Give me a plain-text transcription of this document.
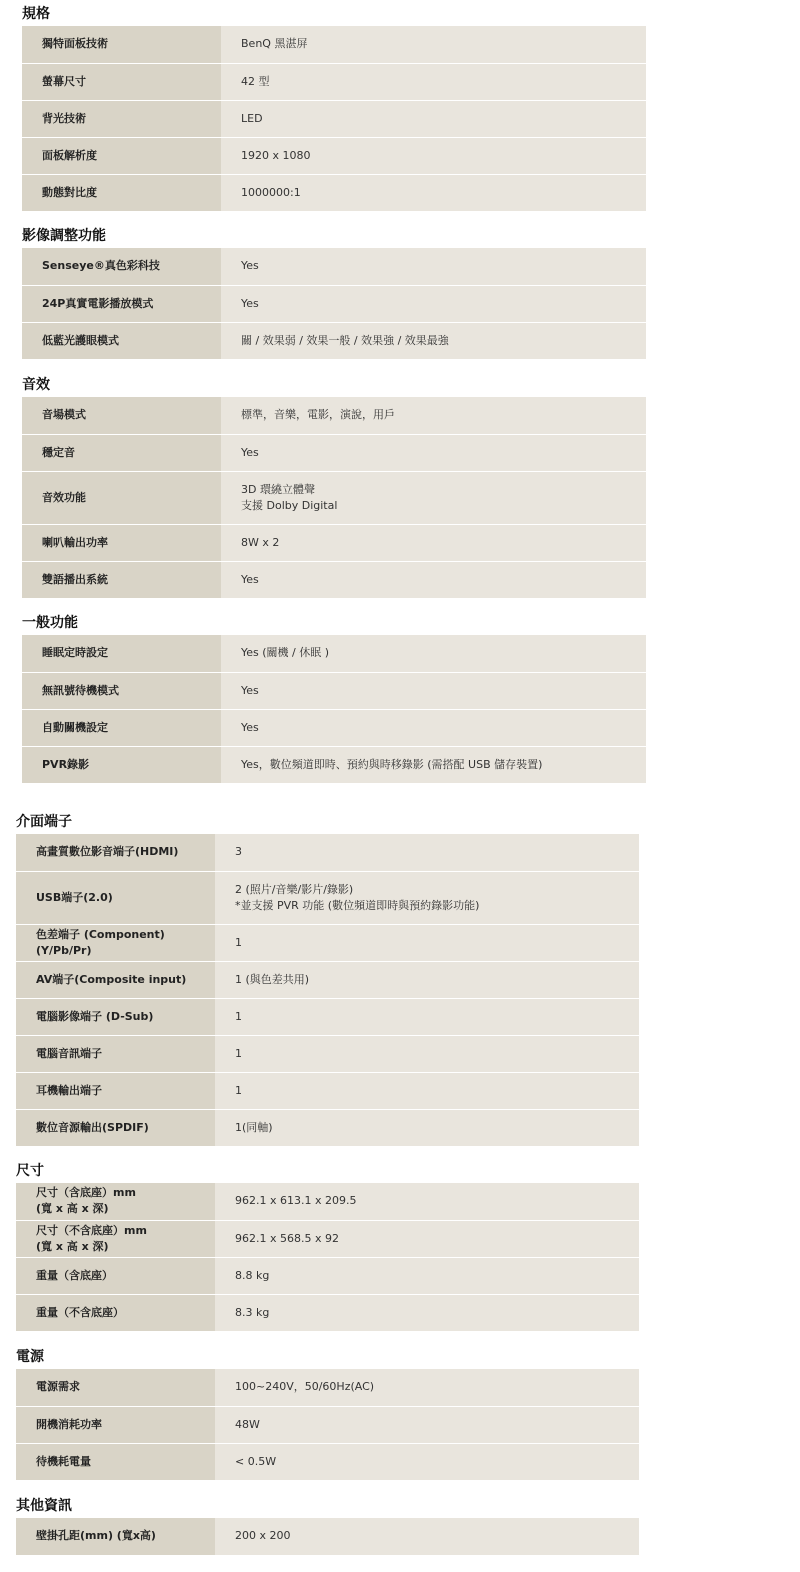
規格
獨特面板技術	BenQ 黑湛屏
螢幕尺寸	42 型
背光技術	LED
面板解析度	1920 x 1080
動態對比度	1000000:1
影像調整功能
Senseye®真色彩科技	Yes
24P真實電影播放模式	Yes
低藍光護眼模式	關 / 效果弱 / 效果一般 / 效果強 / 效果最強
音效
音場模式	標準，音樂，電影，演說，用戶
穩定音	Yes
音效功能	3D 環繞立體聲
支援 Dolby Digital
喇叭輸出功率	8W x 2
雙語播出系統	Yes
一般功能
睡眠定時設定	Yes (關機 / 休眠 )
無訊號待機模式	Yes
自動關機設定	Yes
PVR錄影	Yes，數位頻道即時、預約與時移錄影 (需搭配 USB 儲存裝置)
介面端子
高畫質數位影音端子(HDMI)	3
USB端子(2.0)	2 (照片/音樂/影片/錄影)
*並支援 PVR 功能 (數位頻道即時與預約錄影功能)
色差端子 (Component)
(Y/Pb/Pr)	1
AV端子(Composite input)	1 (與色差共用)
電腦影像端子 (D-Sub)	1
電腦音訊端子	1
耳機輸出端子	1
數位音源輸出(SPDIF)	1(同軸)
尺寸
尺寸（含底座）mm
(寬 x 高 x 深)	962.1 x 613.1 x 209.5
尺寸（不含底座）mm
(寬 x 高 x 深)	962.1 x 568.5 x 92
重量（含底座）	8.8 kg
重量（不含底座）	8.3 kg
電源
電源需求	100~240V，50/60Hz(AC)
開機消耗功率	48W
待機耗電量	< 0.5W
其他資訊
壁掛孔距(mm) (寬x高)	200 x 200
